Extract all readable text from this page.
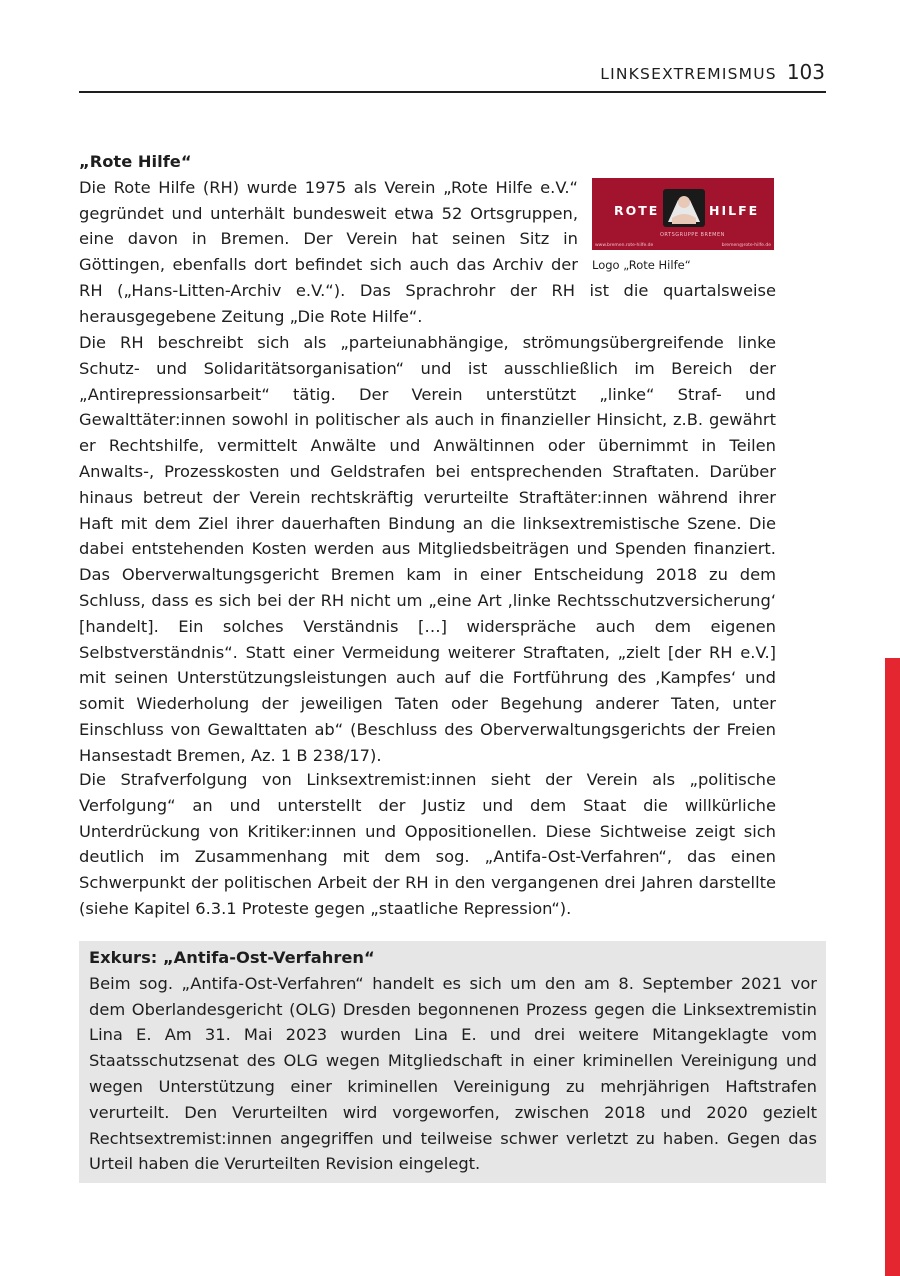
LINKSEXTREMISMUS 103
„Rote Hilfe“
ROTE	HILFE
ORTSGRUPPE BREMEN
www.bremen.rote-hilfe.de	bremen@rote-hilfe.de
Logo „Rote Hilfe“

Die Rote Hilfe (RH) wurde 1975 als Verein „Rote Hilfe e.V.“ gegründet und unterhält bundesweit etwa 52 Ortsgruppen, eine davon in Bremen. Der Verein hat seinen Sitz in Göttingen, ebenfalls dort befindet sich auch das Archiv der RH („Hans-Litten-Archiv e.V.“). Das Sprachrohr der RH ist die quartalsweise herausgegebene Zeitung „Die Rote Hilfe“.

Die RH beschreibt sich als „parteiunabhängige, strömungsübergreifende linke Schutz- und Solidaritätsorganisation“ und ist ausschließlich im Bereich der „Antirepressionsarbeit“ tätig. Der Verein unterstützt „linke“ Straf- und Gewalttäter:innen sowohl in politischer als auch in finanzieller Hinsicht, z.B. gewährt er Rechtshilfe, vermittelt Anwälte und Anwältinnen oder übernimmt in Teilen Anwalts-, Prozesskosten und Geldstrafen bei entsprechenden Straftaten. Darüber hinaus betreut der Verein rechtskräftig verurteilte Straftäter:innen während ihrer Haft mit dem Ziel ihrer dauerhaften Bindung an die linksextremistische Szene. Die dabei entstehenden Kosten werden aus Mitgliedsbeiträgen und Spenden finanziert. Das Oberverwaltungsgericht Bremen kam in einer Entscheidung 2018 zu dem Schluss, dass es sich bei der RH nicht um „eine Art ‚linke Rechtsschutzversicherung‘ [handelt]. Ein solches Verständnis […] widerspräche auch dem eigenen Selbstverständnis“. Statt einer Vermeidung weiterer Straftaten, „zielt [der RH e.V.] mit seinen Unterstützungsleistungen auch auf die Fortführung des ‚Kampfes‘ und somit Wiederholung der jeweiligen Taten oder Begehung anderer Taten, unter Einschluss von Gewalttaten ab“ (Beschluss des Oberverwaltungsgerichts der Freien Hansestadt Bremen, Az. 1 B 238/17).

Die Strafverfolgung von Linksextremist:innen sieht der Verein als „politische Verfolgung“ an und unterstellt der Justiz und dem Staat die willkürliche Unterdrückung von Kritiker:innen und Oppositionellen. Diese Sichtweise zeigt sich deutlich im Zusammenhang mit dem sog. „Antifa-Ost-Verfahren“, das einen Schwerpunkt der politischen Arbeit der RH in den vergangenen drei Jahren darstellte (siehe Kapitel 6.3.1 Proteste gegen „staatliche Repression“).

Exkurs: „Antifa-Ost-Verfahren“

Beim sog. „Antifa-Ost-Verfahren“ handelt es sich um den am 8. September 2021 vor dem Oberlandesgericht (OLG) Dresden begonnenen Prozess gegen die Linksextremistin Lina E. Am 31. Mai 2023 wurden Lina E. und drei weitere Mitangeklagte vom Staatsschutzsenat des OLG wegen Mitgliedschaft in einer kriminellen Vereinigung und wegen Unterstützung einer kriminellen Vereinigung zu mehrjährigen Haftstrafen verurteilt. Den Verurteilten wird vorgeworfen, zwischen 2018 und 2020 gezielt Rechtsextremist:innen angegriffen und teilweise schwer verletzt zu haben. Gegen das Urteil haben die Verurteilten Revision eingelegt.
